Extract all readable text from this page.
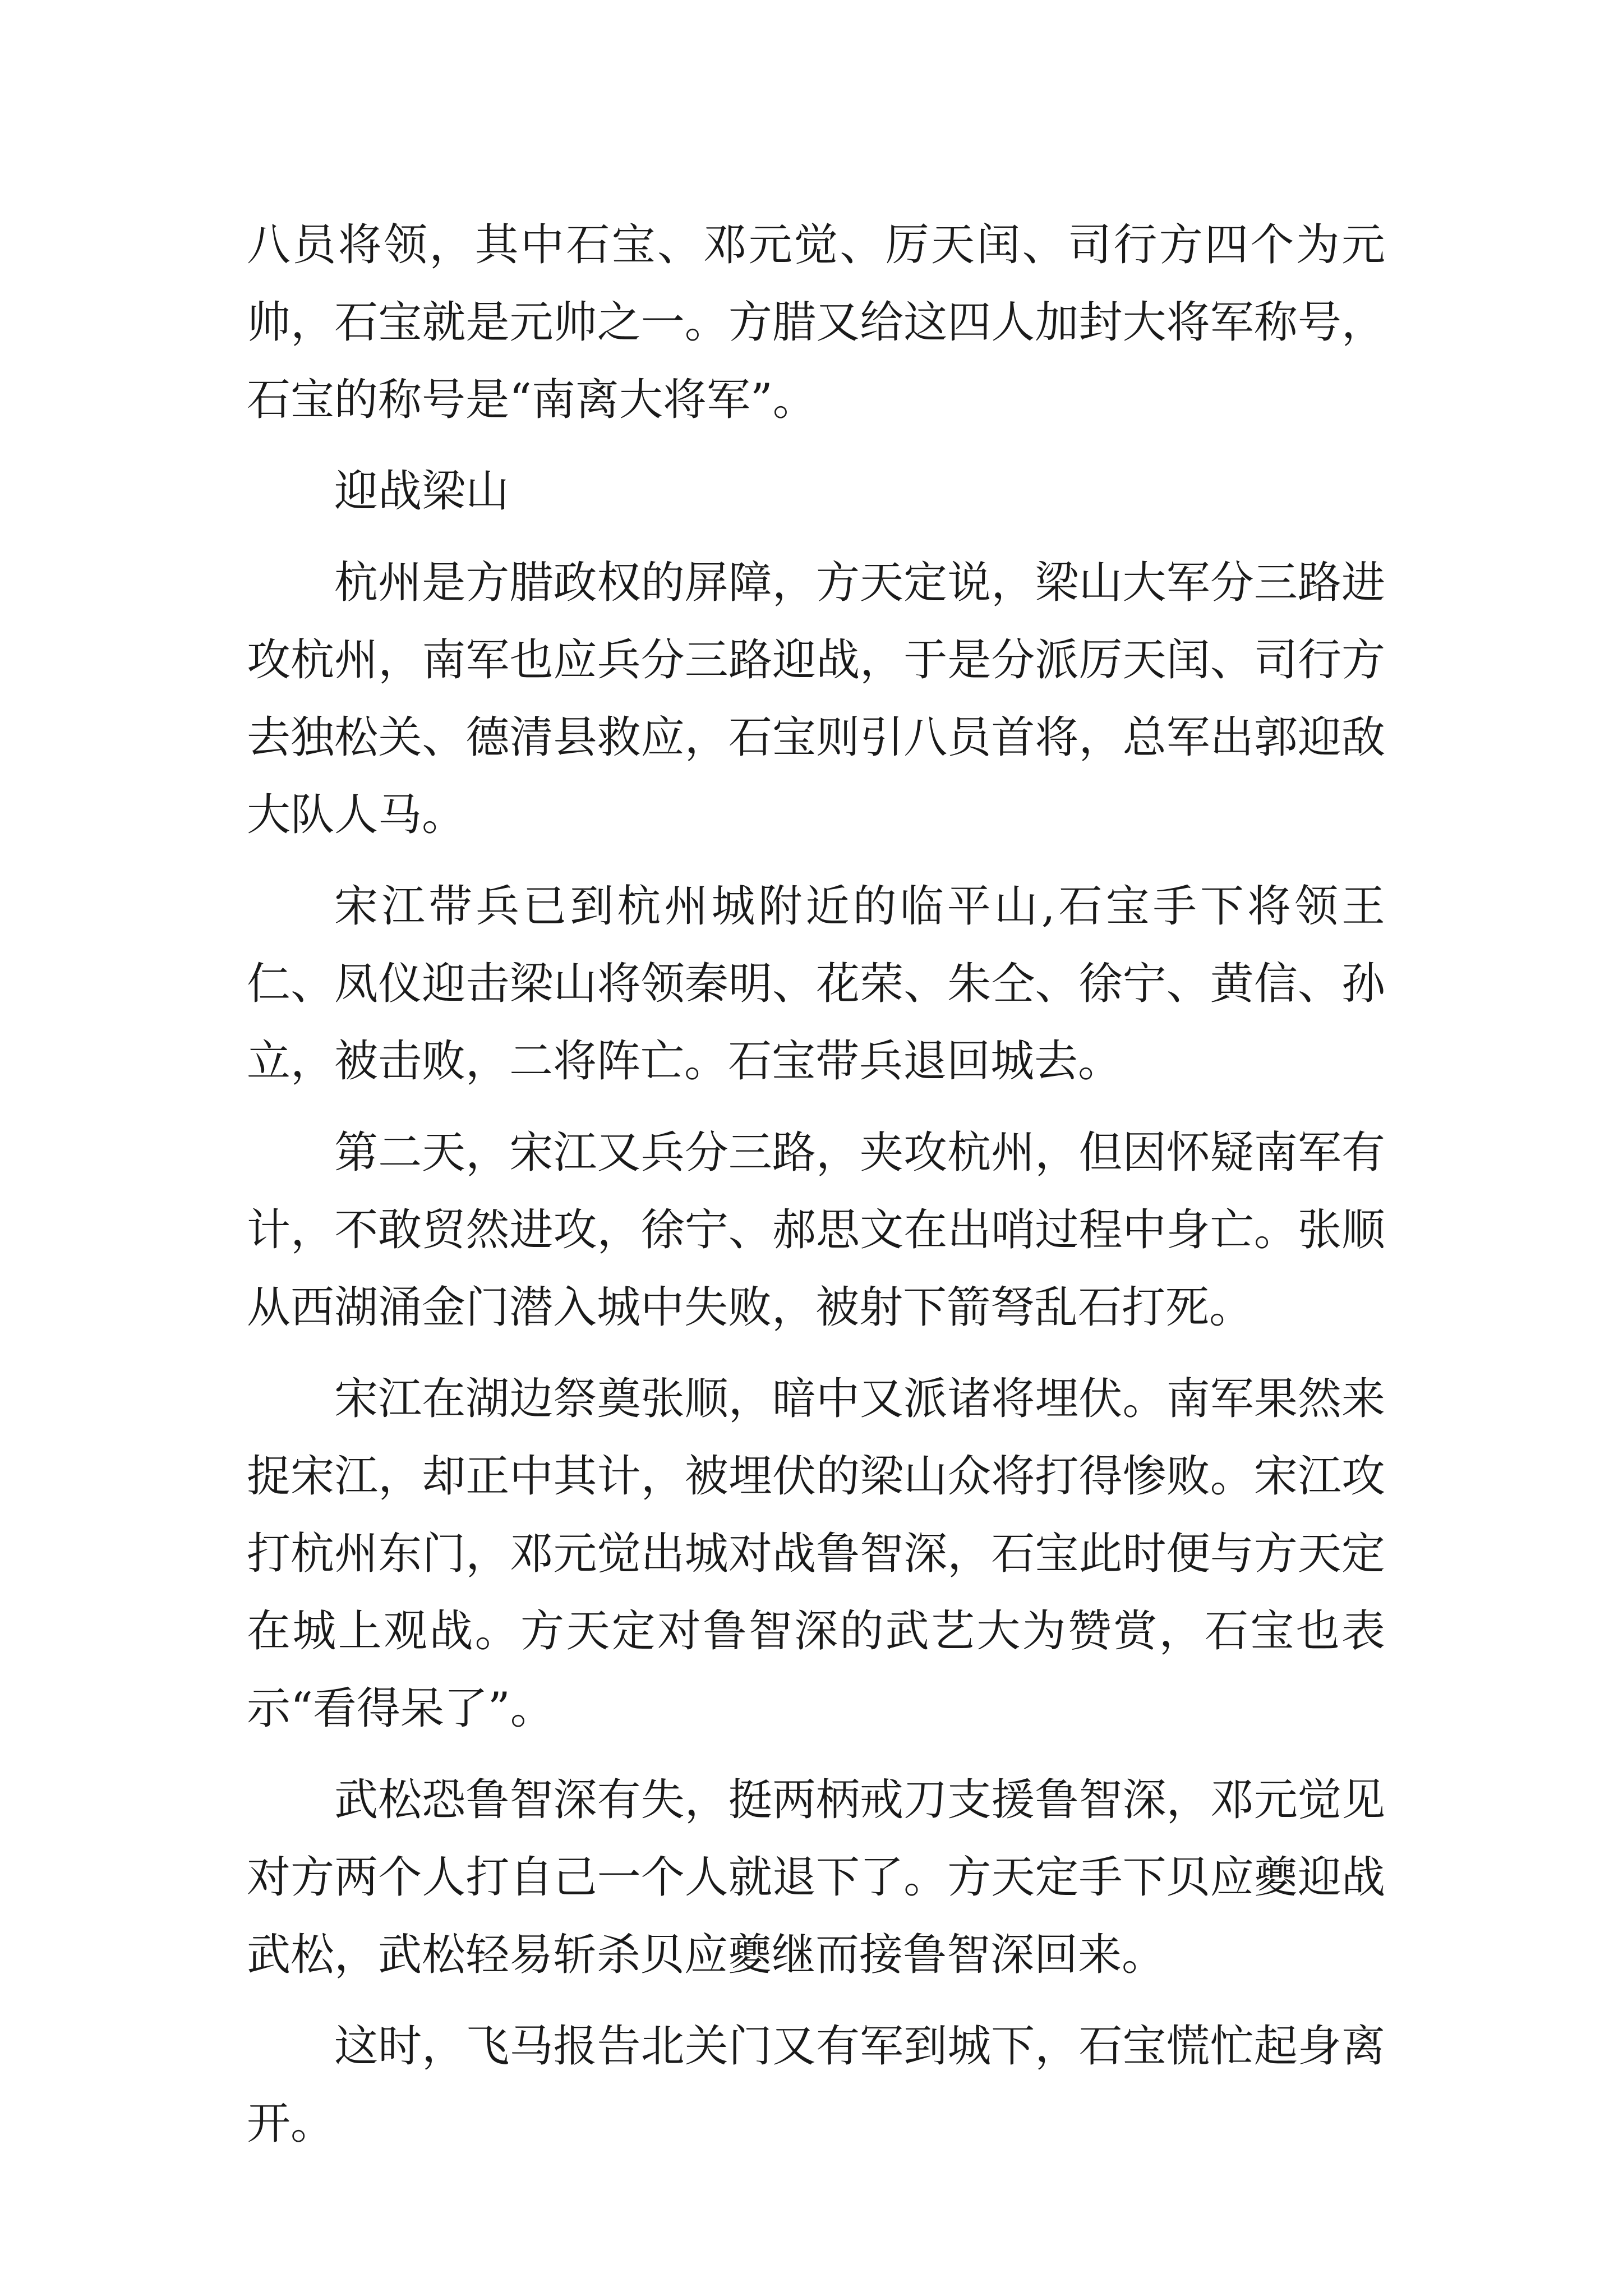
八员将领，其中石宝、邓元觉、厉天闰、司行方四个为元帅，石宝就是元帅之一。方腊又给这四人加封大将军称号，石宝的称号是“南离大将军”。

迎战梁山

杭州是方腊政权的屏障，方天定说，梁山大军分三路进攻杭州，南军也应兵分三路迎战，于是分派厉天闰、司行方去独松关、德清县救应，石宝则引八员首将，总军出郭迎敌大队人马。

宋江带兵已到杭州城附近的临平山,石宝手下将领王仁、凤仪迎击梁山将领秦明、花荣、朱仝、徐宁、黄信、孙立，被击败，二将阵亡。石宝带兵退回城去。

第二天，宋江又兵分三路，夹攻杭州，但因怀疑南军有计，不敢贸然进攻，徐宁、郝思文在出哨过程中身亡。张顺从西湖涌金门潜入城中失败，被射下箭弩乱石打死。

宋江在湖边祭奠张顺，暗中又派诸将埋伏。南军果然来捉宋江，却正中其计，被埋伏的梁山众将打得惨败。宋江攻打杭州东门，邓元觉出城对战鲁智深，石宝此时便与方天定在城上观战。方天定对鲁智深的武艺大为赞赏，石宝也表示“看得呆了”。

武松恐鲁智深有失，挺两柄戒刀支援鲁智深，邓元觉见对方两个人打自己一个人就退下了。方天定手下贝应夔迎战武松，武松轻易斩杀贝应夔继而接鲁智深回来。

这时，飞马报告北关门又有军到城下，石宝慌忙起身离开。
